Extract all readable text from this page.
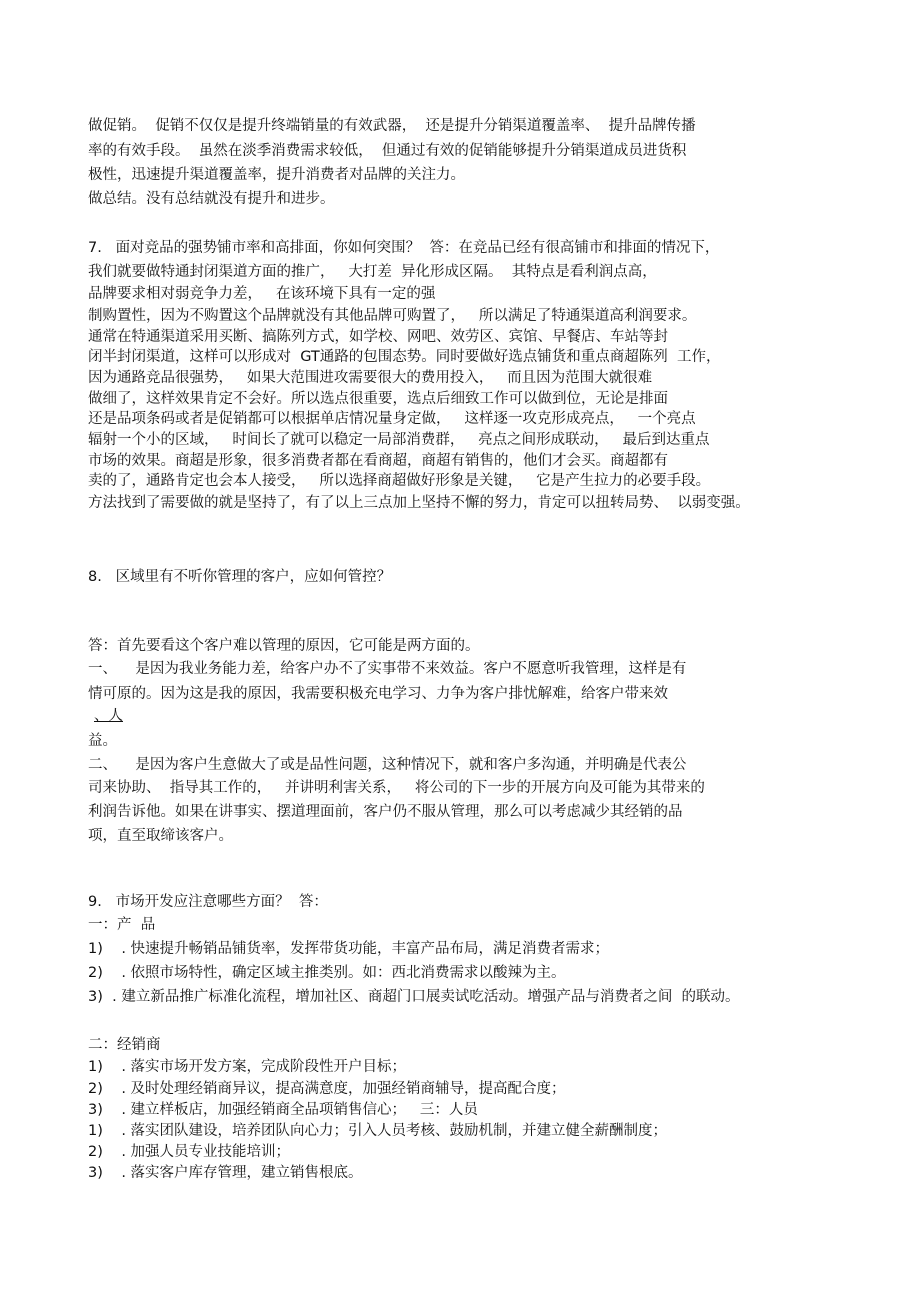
做促销。  促销不仅仅是提升终端销量的有效武器，  还是提升分销渠道覆盖率、  提升品牌传播
率的有效手段。  虽然在淡季消费需求较低，  但通过有效的促销能够提升分销渠道成员进货积
极性，迅速提升渠道覆盖率，提升消费者对品牌的关注力。
做总结。没有总结就没有提升和进步。
7.   面对竞品的强势铺市率和高排面，你如何突围？  答：在竞品已经有很高铺市和排面的情况下，
我们就要做特通封闭渠道方面的推广，   大打差  异化形成区隔。  其特点是看利润点高，
品牌要求相对弱竞争力差，   在该环境下具有一定的强
制购置性，因为不购置这个品牌就没有其他品牌可购置了，   所以满足了特通渠道高利润要求。
通常在特通渠道采用买断、搞陈列方式，如学校、网吧、效劳区、宾馆、早餐店、车站等封
闭半封闭渠道，这样可以形成对  GT通路的包围态势。同时要做好选点铺货和重点商超陈列  工作，
因为通路竞品很强势，   如果大范围进攻需要很大的费用投入，   而且因为范围大就很难
做细了，这样效果肯定不会好。所以选点很重要，选点后细致工作可以做到位，无论是排面
还是品项条码或者是促销都可以根据单店情况量身定做，   这样逐一攻克形成亮点，   一个亮点
辐射一个小的区域，   时间长了就可以稳定一局部消费群，   亮点之间形成联动，   最后到达重点
市场的效果。商超是形象，很多消费者都在看商超，商超有销售的，他们才会买。商超都有
卖的了，通路肯定也会本人接受，   所以选择商超做好形象是关键，   它是产生拉力的必要手段。
方法找到了需要做的就是坚持了，有了以上三点加上坚持不懈的努力，肯定可以扭转局势、  以弱变强。
8.   区域里有不听你管理的客户，应如何管控？
答：首先要看这个客户难以管理的原因，它可能是两方面的。
一、    是因为我业务能力差，给客户办不了实事带不来效益。客户不愿意听我管理，这样是有
情可原的。因为这是我的原因，我需要积极充电学习、力争为客户排忧解难，给客户带来效
、人
益。
二、    是因为客户生意做大了或是品性问题，这种情况下，就和客户多沟通，并明确是代表公
司来协助、  指导其工作的，   并讲明利害关系，   将公司的下一步的开展方向及可能为其带来的
利润告诉他。如果在讲事实、摆道理面前，客户仍不服从管理，那么可以考虑减少其经销的品
项，直至取缔该客户。
9.   市场开发应注意哪些方面？  答：
一：产  品
1)    . 快速提升畅销品铺货率，发挥带货功能，丰富产品布局，满足消费者需求；
2)    . 依照市场特性，确定区域主推类别。如：西北消费需求以酸辣为主。
3)  . 建立新品推广标准化流程，增加社区、商超门口展卖试吃活动。增强产品与消费者之间  的联动。
二：经销商
1)    . 落实市场开发方案，完成阶段性开户目标；
2)    . 及时处理经销商异议，提高满意度，加强经销商辅导，提高配合度；
3)    . 建立样板店，加强经销商全品项销售信心；   三：人员
1)    . 落实团队建设，培养团队向心力；引入人员考核、鼓励机制，并建立健全薪酬制度；
2)    . 加强人员专业技能培训；
3)    . 落实客户库存管理，建立销售根底。
